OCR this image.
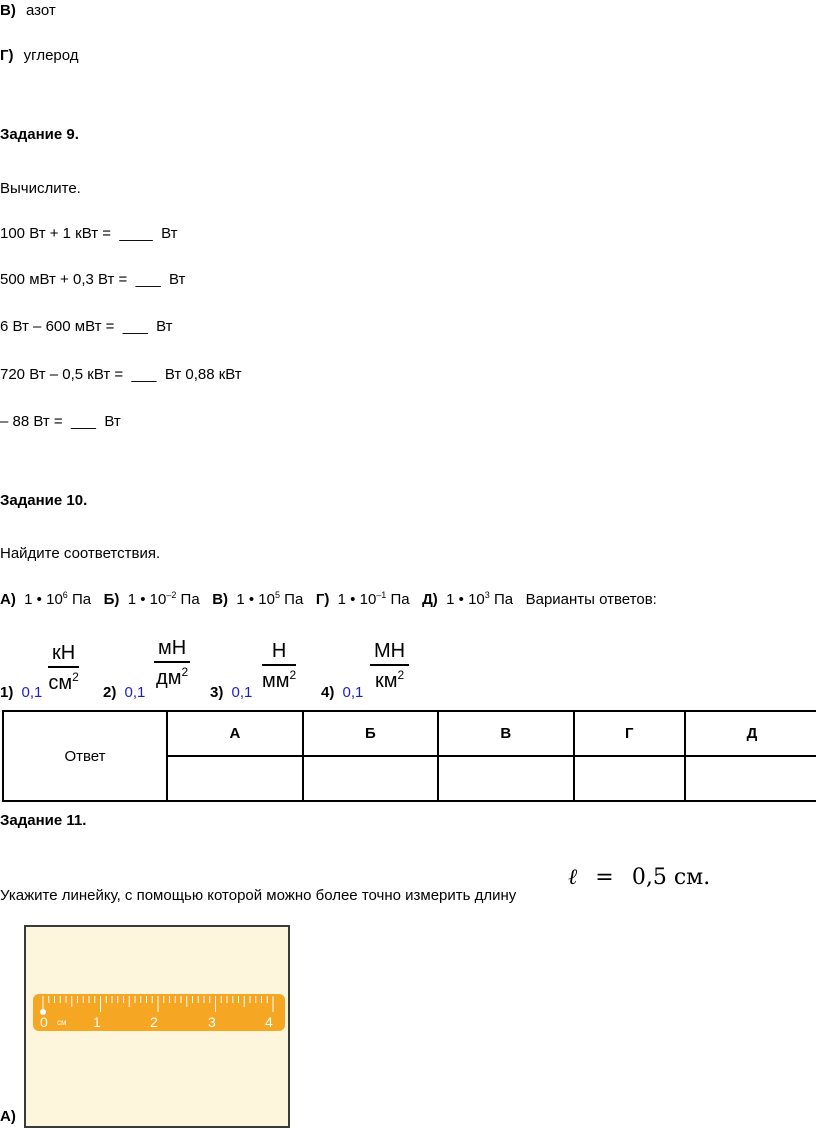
В) азот
Г) углерод
Задание 9.
Вычислите.
100 Вт + 1 кВт =  ____  Вт
500 мВт + 0,3 Вт =  ___  Вт
6 Вт – 600 мВт =  ___  Вт
720 Вт – 0,5 кВт =  ___  Вт 0,88 кВт
– 88 Вт =  ___  Вт
Задание 10.
Найдите соответствия.
А) 1 • $10^6$ Па Б) 1 • $10^{-2}$ Па В) 1 • $10^5$ Па Г) 1 • $10^{-1}$ Па Д) 1 • $10^3$ Па Варианты ответов:
1) 0,1
кН
$см^2$
2) 0,1
мН
$дм^2$
3) 0,1
Н
$мм^2$
4) 0,1
МН
$км^2$
Ответ	А	Б	В	Г	Д

Задание 11.
Укажите линейку, с помощью которой можно более точно измерить длину
ℓ = 0,5 см.
0 см 1	2	3	4
А)
